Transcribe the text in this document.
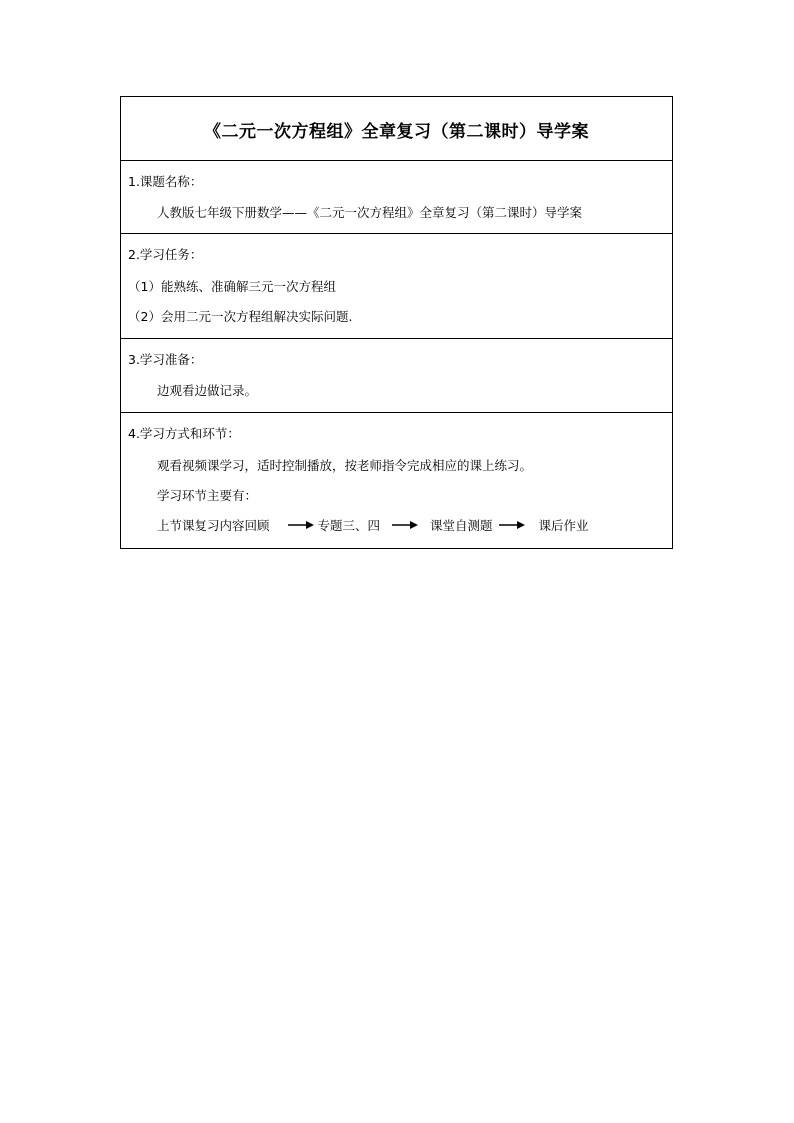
《二元一次方程组》全章复习（第二课时）导学案
1.课题名称：
人教版七年级下册数学——《二元一次方程组》全章复习（第二课时）导学案
2.学习任务：
（1）能熟练、准确解三元一次方程组
（2）会用二元一次方程组解决实际问题.
3.学习准备：
边观看边做记录。
4.学习方式和环节：
观看视频课学习，适时控制播放，按老师指令完成相应的课上练习。
学习环节主要有：
上节课复习内容回顾	专题三、四	课堂自测题	课后作业
